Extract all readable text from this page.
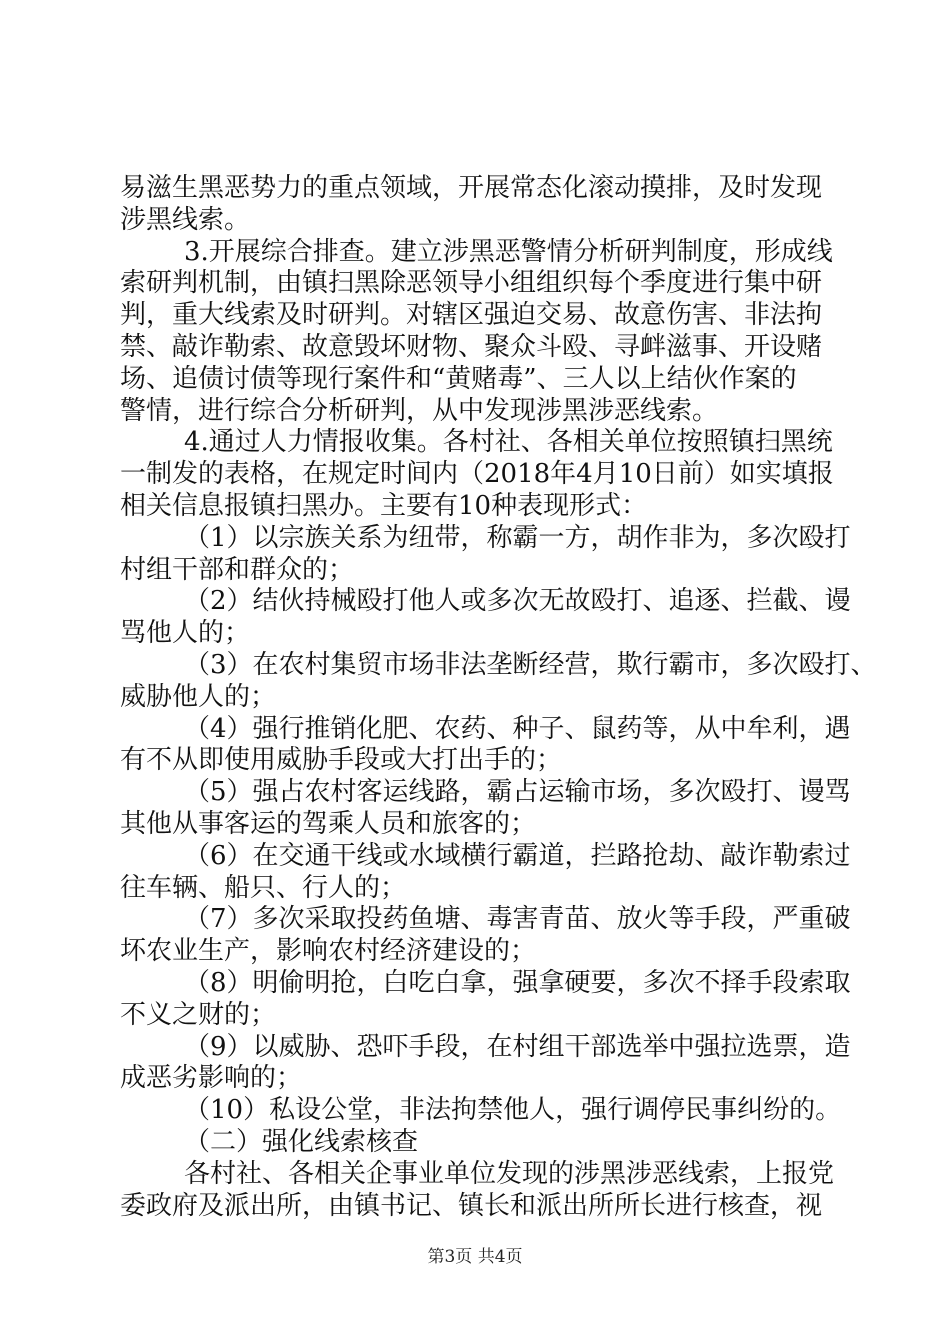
易滋生黑恶势力的重点领域，开展常态化滚动摸排，及时发现
涉黑线索。
3.开展综合排查。建立涉黑恶警情分析研判制度，形成线
索研判机制，由镇扫黑除恶领导小组组织每个季度进行集中研
判，重大线索及时研判。对辖区强迫交易、故意伤害、非法拘
禁、敲诈勒索、故意毁坏财物、聚众斗殴、寻衅滋事、开设赌
场、追债讨债等现行案件和“黄赌毒”、三人以上结伙作案的
警情，进行综合分析研判，从中发现涉黑涉恶线索。
4.通过人力情报收集。各村社、各相关单位按照镇扫黑统
一制发的表格，在规定时间内（2018年4月10日前）如实填报
相关信息报镇扫黑办。主要有10种表现形式：
（1）以宗族关系为纽带，称霸一方，胡作非为，多次殴打
村组干部和群众的；
（2）结伙持械殴打他人或多次无故殴打、追逐、拦截、谩
骂他人的；
（3）在农村集贸市场非法垄断经营，欺行霸市，多次殴打、
威胁他人的；
（4）强行推销化肥、农药、种子、鼠药等，从中牟利，遇
有不从即使用威胁手段或大打出手的；
（5）强占农村客运线路，霸占运输市场，多次殴打、谩骂
其他从事客运的驾乘人员和旅客的；
（6）在交通干线或水域横行霸道，拦路抢劫、敲诈勒索过
往车辆、船只、行人的；
（7）多次采取投药鱼塘、毒害青苗、放火等手段，严重破
坏农业生产，影响农村经济建设的；
（8）明偷明抢，白吃白拿，强拿硬要，多次不择手段索取
不义之财的；
（9）以威胁、恐吓手段，在村组干部选举中强拉选票，造
成恶劣影响的；
（10）私设公堂，非法拘禁他人，强行调停民事纠纷的。
（二）强化线索核查
各村社、各相关企事业单位发现的涉黑涉恶线索，上报党
委政府及派出所，由镇书记、镇长和派出所所长进行核查，视
第3页 共4页
